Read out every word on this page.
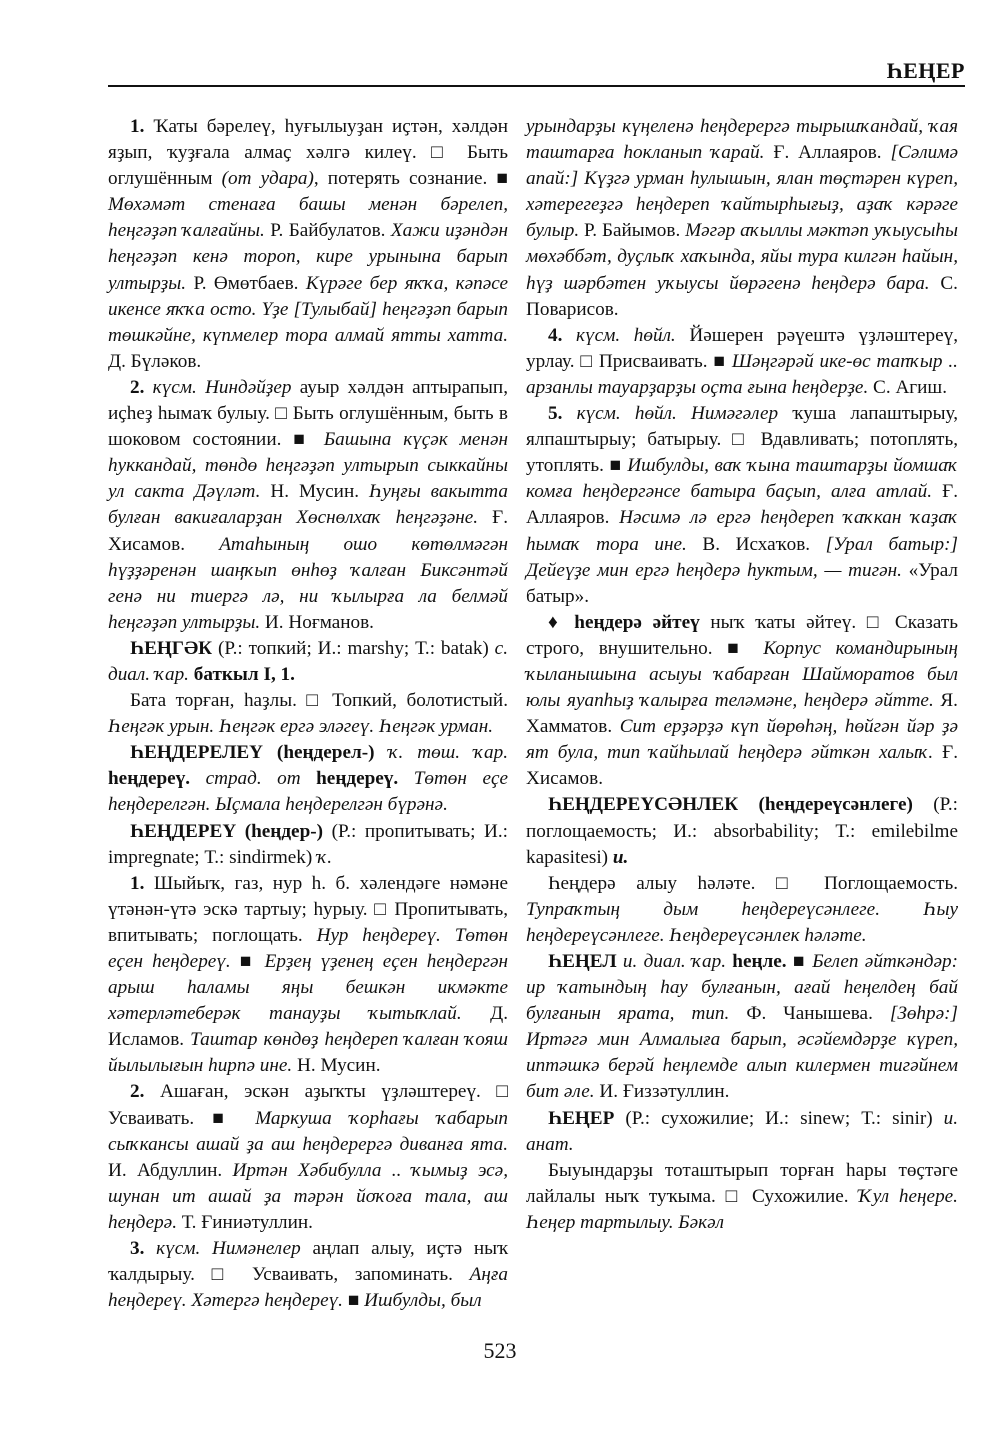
ҺЕҢЕР

1. Ҡаты бәрелеү, һуғылыуҙан иҫтән, хәлдән яҙып, ҡуҙғала алмаҫ хәлгә килеү. □ Быть оглушённым (от удара), потерять сознание. ■ Мөхәмәт стенаға башы менән бәрелеп, һеңгәҙәп ҡалғайны. Р. Байбулатов. Хажи иҙәндән һеңгәҙәп кенә тороп, кире урынына барып ултырҙы. Р. Өмөтбаев. Күрәге бер яҡҡа, кәпәсе икенсе яҡҡа осто. Үҙе [Тулыбай] һеңгәҙәп барып төшкәйне, күпмелер тора алмай ятты хатта. Д. Бүләков.

2. күсм. Ниндәйҙер ауыр хәлдән аптырапып, иҫһеҙ һымаҡ булыу. □ Быть оглушённым, быть в шоковом состоянии. ■ Башына күҫәк менән һуккандай, төндө һеңгәҙәп ултырып сыккайны ул сакта Дәүләт. Н. Мусин. Һуңғы вакытта булған вакиғаларҙан Хөснөлхаҡ һеңгәҙәне. Ғ. Хисамов. Атаһының ошо көтөлмәгән һүҙҙәренән шаңҡып өнһөҙ ҡалған Биксәнтәй генә ни тиергә лә, ни ҡылырға ла белмәй һеңгәҙәп ултырҙы. И. Ноғманов.

ҺЕҢГӘК (Р.: топкий; И.: marshy; Т.: batak) с. диал. ҡар. баткыл I, 1.

Бата торған, һаҙлы. □ Топкий, болотистый. Һеңгәк урын. Һеңгәк ергә эләгеү. Һеңгәк урман.

ҺЕҢДЕРЕЛЕҮ (һеңдерел-) ҡ. төш. ҡар. һеңдереү. страд. от һеңдереү. Төтөн еҫе һеңдерелгән. Ыҫмала һеңдерелгән бүрәнә.

ҺЕҢДЕРЕҮ (һеңдер-) (Р.: пропитывать; И.: impregnate; Т.: sindirmek) ҡ.

1. Шыйыҡ, газ, нур һ. б. хәлендәге нәмәне үтәнән-үтә эскә тартыу; һурыу. □ Пропитывать, впитывать; поглощать. Нур һеңдереү. Төтөн еҫен һеңдереү. ■ Ерҙең үҙенең еҫен һеңдергән арыш һаламы яңы бешкән икмәкте хәтерләтеберәк танауҙы ҡытыҡлай. Д. Исламов. Таштар көндөҙ һеңдереп ҡалған ҡояш йылылығын һирпә ине. Н. Мусин.

2. Ашаған, эскән аҙыҡты үҙләштереү. □ Усваивать. ■ Маркуша ҡорһағы ҡабарып сыҡкансы ашай ҙа аш һеңдерергә диванға ята. И. Абдуллин. Иртән Хәбибулла .. ҡымыҙ эсә, шунан ит ашай ҙа тәрән йоҡоға тала, аш һеңдерә. Т. Ғиниәтуллин.

3. күсм. Нимәнелер аңлап алыу, иҫтә ныҡ ҡалдырыу. □ Усваивать, запоминать. Аңға һеңдереү. Хәтергә һеңдереү. ■ Ишбулды, был

урындарҙы күңеленә һеңдерергә тырышҡандай, ҡая таштарға һокланып ҡарай. Ғ. Аллаяров. [Сәлимә апай:] Күҙгә урман һулышын, ялан төҫтәрен күреп, хәтерегеҙгә һеңдереп ҡайтырһығыҙ, аҙаҡ кәрәге булыр. Р. Байымов. Мәгәр аҡыллы мәктәп уҡыусыһы мөхәббәт, дуҫлыҡ хаҡында, яйы тура килгән һайын, һүҙ шәрбәтен уҡыусы йөрәгенә һеңдерә бара. С. Поварисов.

4. күсм. һөйл. Йәшерен рәүештә үҙләштереү, урлау. □ Присваивать. ■ Шәңгәрәй ике-өс тапҡыр .. арзанлы тауарҙарҙы оҫта ғына һеңдерҙе. С. Агиш.

5. күсм. һөйл. Нимәгәлер ҡуша лапаштырыу, ялпаштырыу; батырыу. □ Вдавливать; потоплять, утоплять. ■ Ишбулды, ваҡ ҡына таштарҙы йомшаҡ комға һеңдергәнсе батыра баҫып, алға атлай. Ғ. Аллаяров. Нәсимә лә ергә һеңдереп ҡаҡкан ҡаҙаҡ һымаҡ тора ине. В. Исхаҡов. [Урал батыр:] Дейеүҙе мин ергә һеңдерә һуктым, — тигән. «Урал батыр».

♦ һеңдерә әйтеү ныҡ ҡаты әйтеү. □ Сказать строго, внушительно. ■ Корпус командирының ҡыланышына асыуы ҡабарған Шайморатов был юлы яуапһыҙ ҡалырға теләмәне, һеңдерә әйтте. Я. Хамматов. Сит ерҙәрҙә күп йөрөһәң, һөйгән йәр ҙә ят була, тип ҡайһылай һеңдерә әйткән халыҡ. Ғ. Хисамов.

ҺЕҢДЕРЕҮСӘНЛЕК (һеңдереүсәнлеге) (Р.: поглощаемость; И.: absorbability; Т.: emilebilme kapasitesi) и.

Һеңдерә алыу һәләте. □ Поглощаемость. Тупраҡтың дым һеңдереүсәнлеге. Һыу һеңдереүсәнлеге. Һеңдереүсәнлек һәләте.

ҺЕҢЕЛ и. диал. ҡар. һеңле. ■ Белеп әйткәндәр: ир ҡатындың һау булғанын, ағай һеңелдең бай булғанын ярата, тип. Ф. Чанышева. [Зөһрә:] Иртәгә мин Алмалыға барып, әсәйемдәрҙе күреп, иптәшкә берәй һеңлемде алып килермен тигәйнем бит әле. И. Ғиззәтуллин.

ҺЕҢЕР (Р.: сухожилие; И.: sinew; Т.: sinir) и. анат.

Быуындарҙы тоташтырып торған һары төҫтәге лайлалы ныҡ туҡыма. □ Сухожилие. Ҡул һеңере. Һеңер тартылыу. Бәкәл

523
